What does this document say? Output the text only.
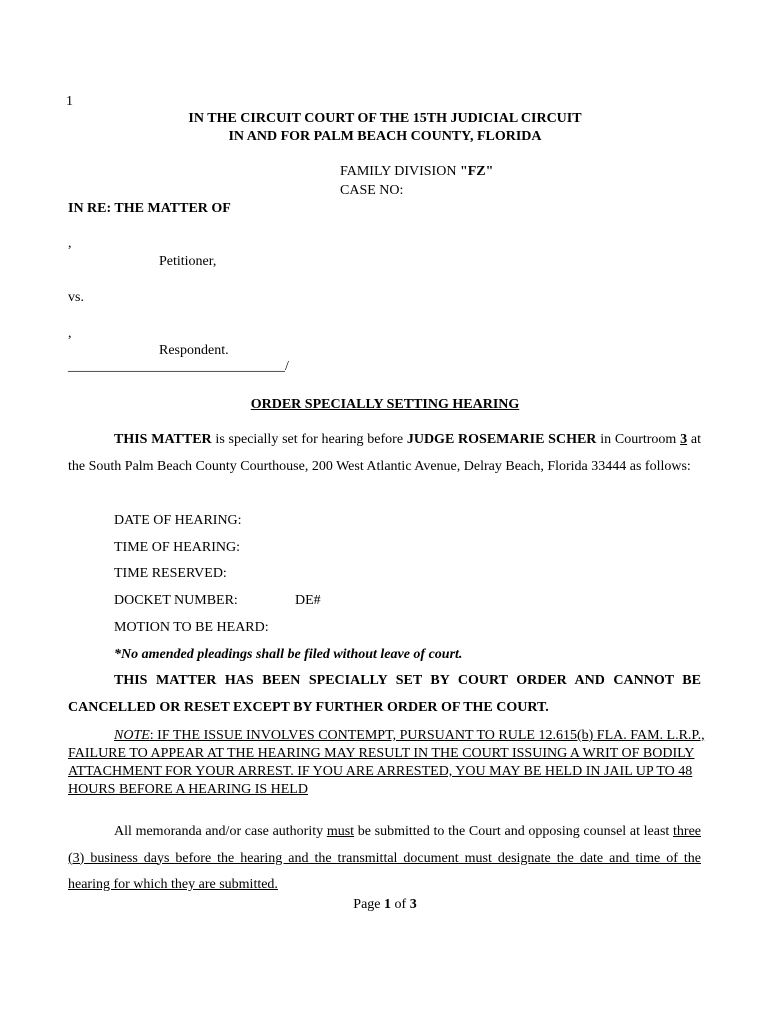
1
IN THE CIRCUIT COURT OF THE 15TH JUDICIAL CIRCUIT
IN AND FOR PALM BEACH COUNTY, FLORIDA
FAMILY DIVISION "FZ"
CASE NO:
IN RE: THE MATTER OF
,
Petitioner,
vs.
,
Respondent.
_______________________________/
ORDER SPECIALLY SETTING HEARING
THIS MATTER is specially set for hearing before JUDGE ROSEMARIE SCHER in Courtroom 3 at the South Palm Beach County Courthouse, 200 West Atlantic Avenue, Delray Beach, Florida 33444 as follows:
DATE OF HEARING:
TIME OF HEARING:
TIME RESERVED:
DOCKET NUMBER:	DE#
MOTION TO BE HEARD:
*No amended pleadings shall be filed without leave of court.
THIS MATTER HAS BEEN SPECIALLY SET BY COURT ORDER AND CANNOT BE CANCELLED OR RESET EXCEPT BY FURTHER ORDER OF THE COURT.
NOTE: IF THE ISSUE INVOLVES CONTEMPT, PURSUANT TO RULE 12.615(b) FLA. FAM. L.R.P., FAILURE TO APPEAR AT THE HEARING MAY RESULT IN THE COURT ISSUING A WRIT OF BODILY ATTACHMENT FOR YOUR ARREST. IF YOU ARE ARRESTED, YOU MAY BE HELD IN JAIL UP TO 48 HOURS BEFORE A HEARING IS HELD
All memoranda and/or case authority must be submitted to the Court and opposing counsel at least three (3) business days before the hearing and the transmittal document must designate the date and time of the hearing for which they are submitted.
Page 1 of 3
